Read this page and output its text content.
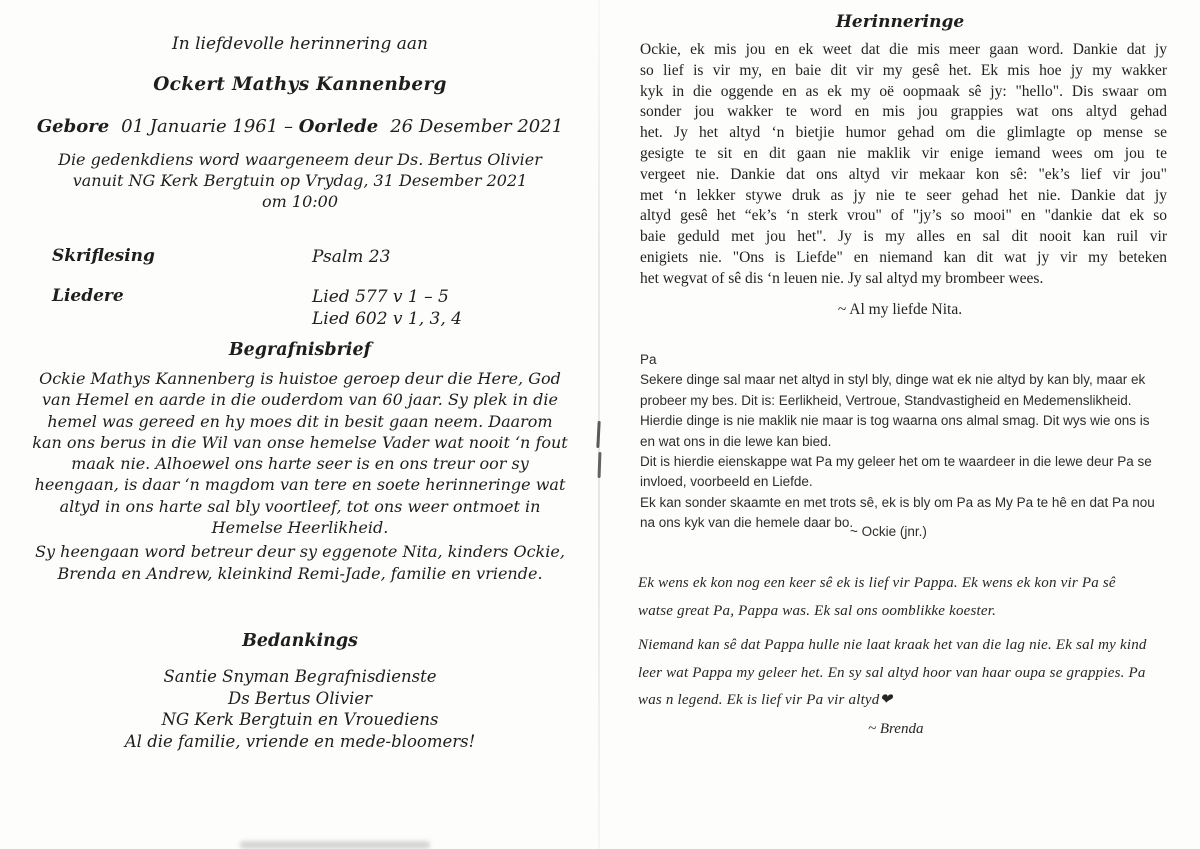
In liefdevolle herinnering aan
Ockert Mathys Kannenberg
Gebore 01 Januarie 1961 – Oorlede 26 Desember 2021
Die gedenkdiens word waargeneem deur Ds. Bertus Olivier
vanuit NG Kerk Bergtuin op Vrydag, 31 Desember 2021
om 10:00
Skriflesing	Psalm 23
Liedere	Lied 577 v 1 – 5
Lied 602 v 1, 3, 4
Begrafnisbrief
Ockie Mathys Kannenberg is huistoe geroep deur die Here, God
van Hemel en aarde in die ouderdom van 60 jaar. Sy plek in die
hemel was gereed en hy moes dit in besit gaan neem. Daarom
kan ons berus in die Wil van onse hemelse Vader wat nooit ‘n fout
maak nie. Alhoewel ons harte seer is en ons treur oor sy
heengaan, is daar ‘n magdom van tere en soete herinneringe wat
altyd in ons harte sal bly voortleef, tot ons weer ontmoet in
Hemelse Heerlikheid.
Sy heengaan word betreur deur sy eggenote Nita, kinders Ockie,
Brenda en Andrew, kleinkind Remi-Jade, familie en vriende.
Bedankings
Santie Snyman Begrafnisdienste
Ds Bertus Olivier
NG Kerk Bergtuin en Vrouediens
Al die familie, vriende en mede-bloomers!
Herinneringe
Ockie, ek mis jou en ek weet dat die mis meer gaan word. Dankie dat jy
so lief is vir my, en baie dit vir my gesê het. Ek mis hoe jy my wakker
kyk in die oggende en as ek my oë oopmaak sê jy: "hello". Dis swaar om
sonder jou wakker te word en mis jou grappies wat ons altyd gehad
het. Jy het altyd ‘n bietjie humor gehad om die glimlagte op mense se
gesigte te sit en dit gaan nie maklik vir enige iemand wees om jou te
vergeet nie. Dankie dat ons altyd vir mekaar kon sê: "ek’s lief vir jou"
met ‘n lekker stywe druk as jy nie te seer gehad het nie. Dankie dat jy
altyd gesê het “ek’s ‘n sterk vrou" of "jy’s so mooi" en "dankie dat ek so
baie geduld met jou het". Jy is my alles en sal dit nooit kan ruil vir
enigiets nie. "Ons is Liefde" en niemand kan dit wat jy vir my beteken
het wegvat of sê dis ‘n leuen nie. Jy sal altyd my brombeer wees.
~ Al my liefde Nita.
Pa
Sekere dinge sal maar net altyd in styl bly, dinge wat ek nie altyd by kan bly, maar ek
probeer my bes. Dit is: Eerlikheid, Vertroue, Standvastigheid en Medemenslikheid.
Hierdie dinge is nie maklik nie maar is tog waarna ons almal smag. Dit wys wie ons is
en wat ons in die lewe kan bied.
Dit is hierdie eienskappe wat Pa my geleer het om te waardeer in die lewe deur Pa se
invloed, voorbeeld en Liefde.
Ek kan sonder skaamte en met trots sê, ek is bly om Pa as My Pa te hê en dat Pa nou
na ons kyk van die hemele daar bo.
~ Ockie (jnr.)
Ek wens ek kon nog een keer sê ek is lief vir Pappa. Ek wens ek kon vir Pa sê
watse great Pa, Pappa was. Ek sal ons oomblikke koester.
Niemand kan sê dat Pappa hulle nie laat kraak het van die lag nie. Ek sal my kind
leer wat Pappa my geleer het. En sy sal altyd hoor van haar oupa se grappies. Pa
was n legend. Ek is lief vir Pa vir altyd❤
~ Brenda
